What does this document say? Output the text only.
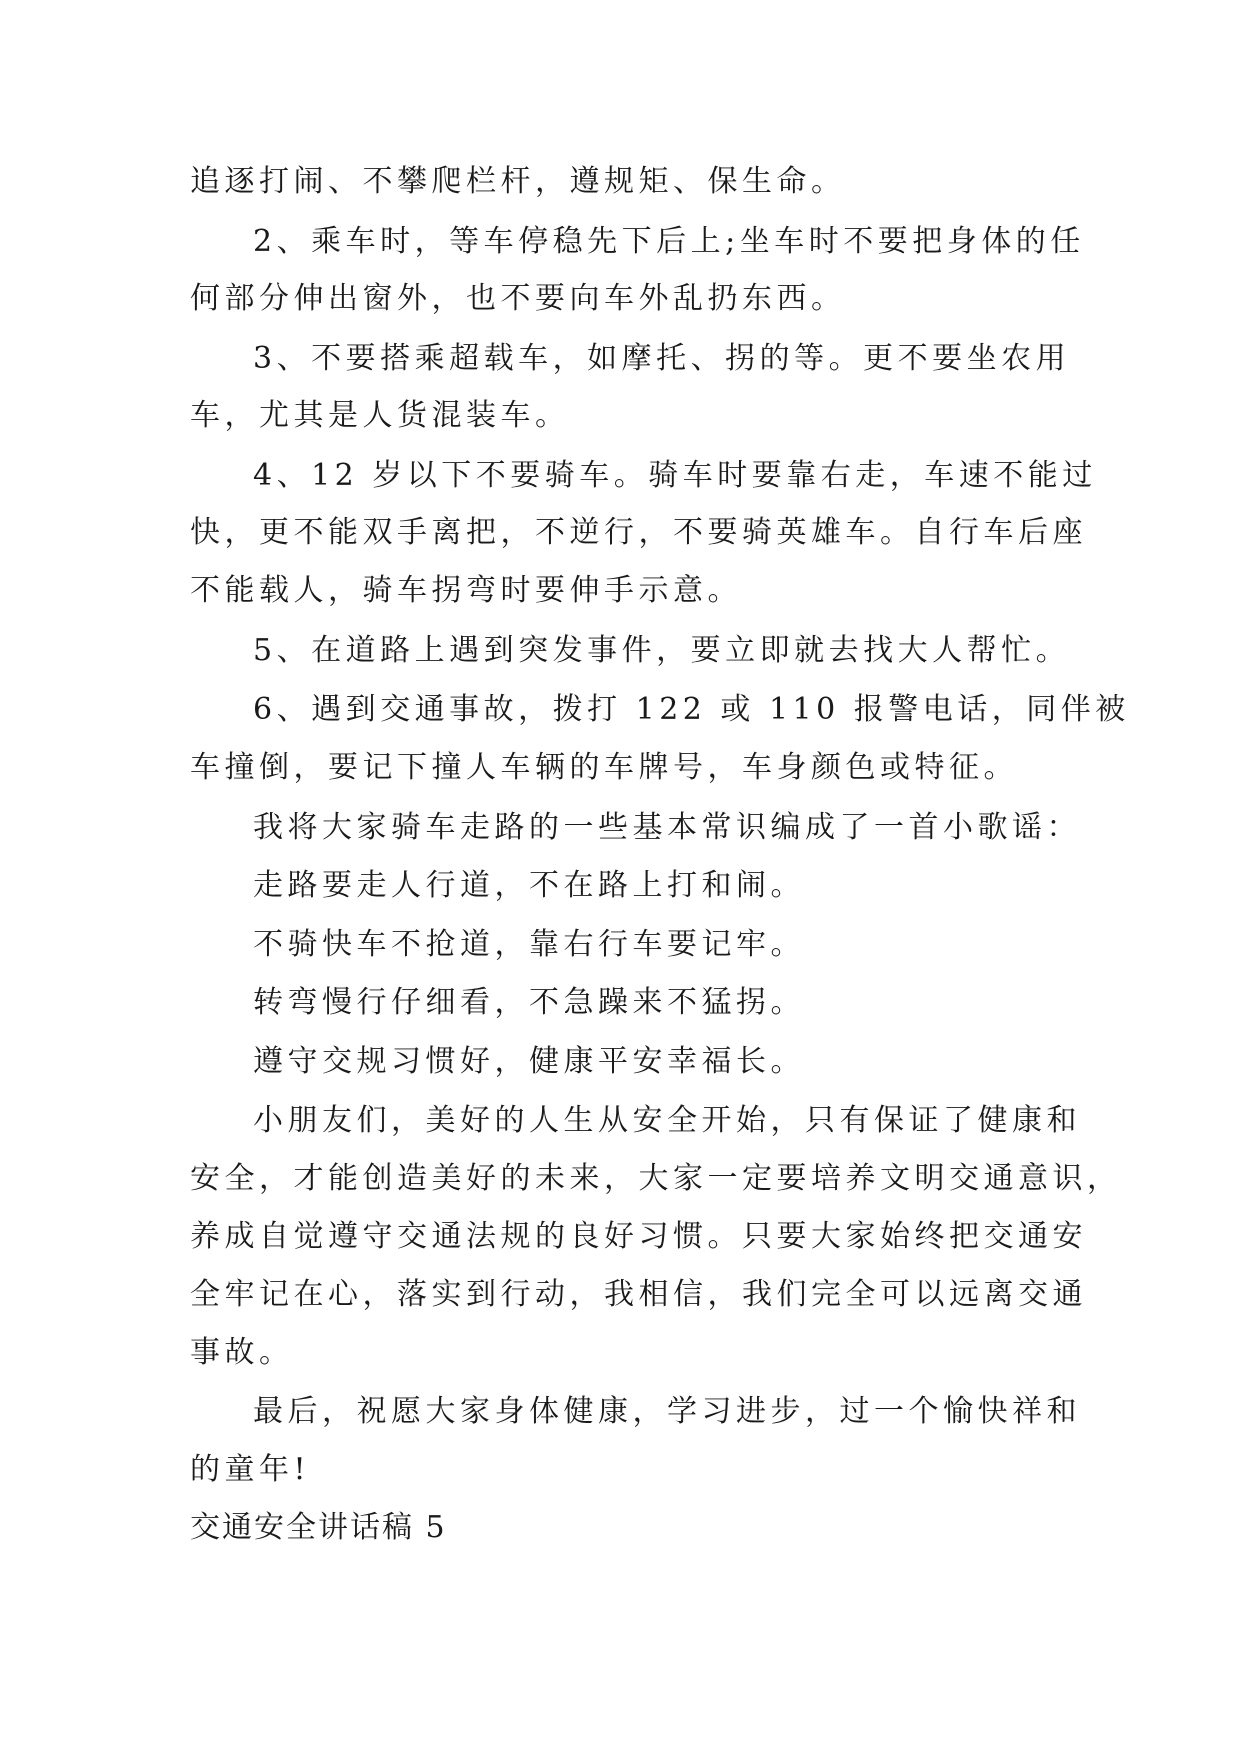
追逐打闹、不攀爬栏杆，遵规矩、保生命。
2、乘车时，等车停稳先下后上;坐车时不要把身体的任
何部分伸出窗外，也不要向车外乱扔东西。
3、不要搭乘超载车，如摩托、拐的等。更不要坐农用
车，尤其是人货混装车。
4、12 岁以下不要骑车。骑车时要靠右走，车速不能过
快，更不能双手离把，不逆行，不要骑英雄车。自行车后座
不能载人，骑车拐弯时要伸手示意。
5、在道路上遇到突发事件，要立即就去找大人帮忙。
6、遇到交通事故，拨打 122 或 110 报警电话，同伴被
车撞倒，要记下撞人车辆的车牌号，车身颜色或特征。
我将大家骑车走路的一些基本常识编成了一首小歌谣：
走路要走人行道，不在路上打和闹。
不骑快车不抢道，靠右行车要记牢。
转弯慢行仔细看，不急躁来不猛拐。
遵守交规习惯好，健康平安幸福长。
小朋友们，美好的人生从安全开始，只有保证了健康和
安全，才能创造美好的未来，大家一定要培养文明交通意识，
养成自觉遵守交通法规的良好习惯。只要大家始终把交通安
全牢记在心，落实到行动，我相信，我们完全可以远离交通
事故。
最后，祝愿大家身体健康，学习进步，过一个愉快祥和
的童年!
交通安全讲话稿 5
